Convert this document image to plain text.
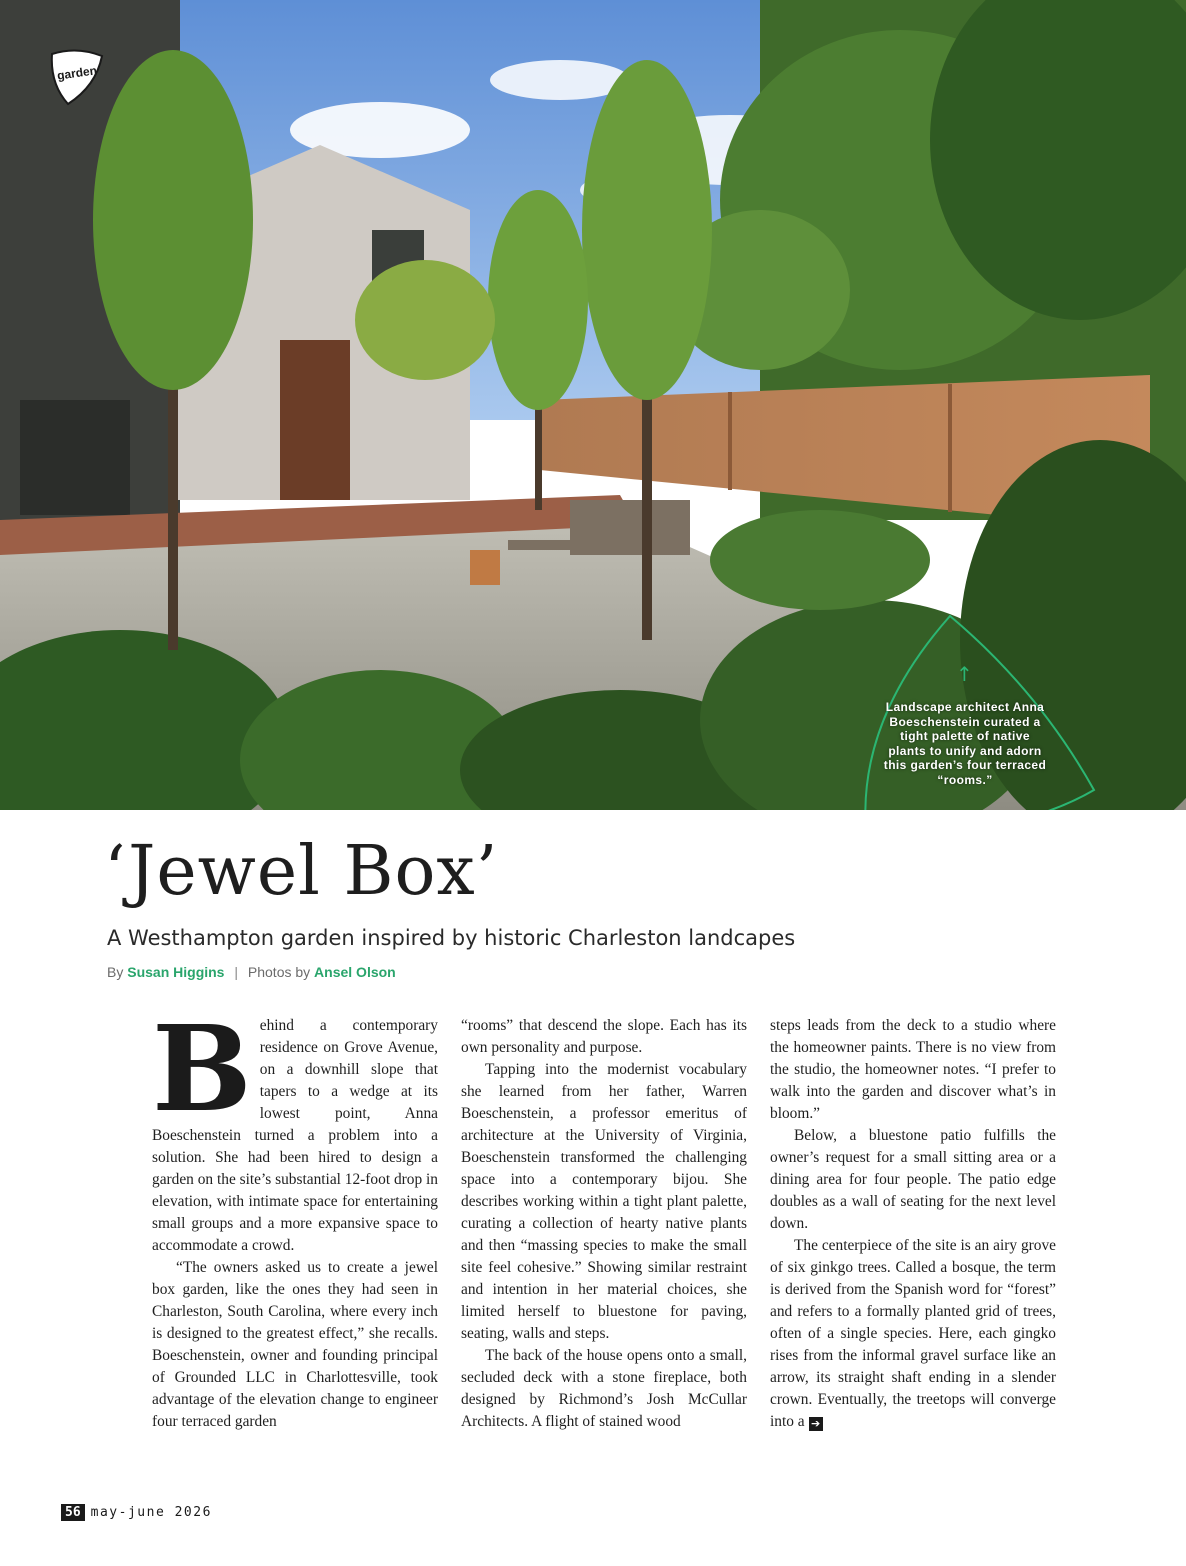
garden
↑
Landscape architect Anna Boeschenstein curated a tight palette of native plants to unify and adorn this garden’s four terraced “rooms.”
‘Jewel Box’
A Westhampton garden inspired by historic Charleston landcapes
By Susan Higgins | Photos by Ansel Olson

Behind a contemporary residence on Grove Avenue, on a downhill slope that tapers to a wedge at its lowest point, Anna Boeschenstein turned a problem into a solution. She had been hired to design a garden on the site’s substantial 12-foot drop in elevation, with intimate space for entertaining small groups and a more expansive space to accommodate a crowd.

“The owners asked us to create a jewel box garden, like the ones they had seen in Charleston, South Carolina, where every inch is designed to the greatest effect,” she recalls. Boeschenstein, owner and founding principal of Grounded LLC in Charlottesville, took advantage of the elevation change to engineer four terraced garden

“rooms” that descend the slope. Each has its own personality and purpose.

Tapping into the modernist vocabulary she learned from her father, Warren Boeschenstein, a professor emeritus of architecture at the University of Virginia, Boeschenstein transformed the challenging space into a contemporary bijou. She describes working within a tight plant palette, curating a collection of hearty native plants and then “massing species to make the small site feel cohesive.” Showing similar restraint and intention in her material choices, she limited herself to bluestone for paving, seating, walls and steps.

The back of the house opens onto a small, secluded deck with a stone fireplace, both designed by Richmond’s Josh McCullar Architects. A flight of stained wood

steps leads from the deck to a studio where the homeowner paints. There is no view from the studio, the homeowner notes. “I prefer to walk into the garden and discover what’s in bloom.”

Below, a bluestone patio fulfills the owner’s request for a small sitting area or a dining area for four people. The patio edge doubles as a wall of seating for the next level down.

The centerpiece of the site is an airy grove of six ginkgo trees. Called a bosque, the term is derived from the Spanish word for “forest” and refers to a formally planted grid of trees, often of a single species. Here, each gingko rises from the informal gravel surface like an arrow, its straight shaft ending in a slender crown. Eventually, the treetops will converge into a ➔

56 may-june 2026
